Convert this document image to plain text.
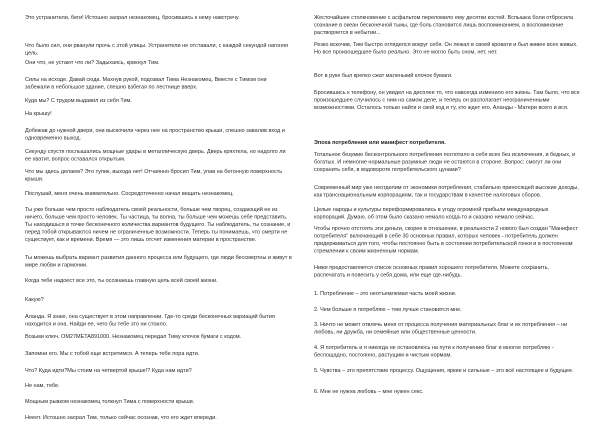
Это устранители, беги! Истошно заорал незнакомец, бросившись к нему навстречу.

Что было сил, они рванули прочь с этой улицы. Устранители не отставали, с каждой секундой нагоняя цель.

Они что, не устают что ли? Задыхаясь, крикнул Тим.

Силы на исходе. Давай сюда. Махнув рукой, подозвал Тима Незнакомец. Вместе с Тимом они забежали в небольшое здание, спешно взбегая по лестнице вверх.

Куда мы? С трудом выдавил из себя Тим.

На крышу!

Добежав до нужной двери, они выскочили через нее на пространство крыши, спешно завалив вход и одновременно выход.

Секунду спустя послышались мощные удары в металлическую дверь. Дверь кряхтела, но надолго ли ее хватит, вопрос оставался открытым.

Что мы здесь делаем? Это тупик, выхода нет! Отчаянно бросил Тим, упав на бетонную поверхность крыши.

Послушай, меня очень внимательно. Сосредоточенно начал вещать незнакомец.

Ты уже больше чем просто наблюдатель своей реальности, больше чем творец, создающий ее из ничего, больше чем просто человек. Ты частица, ты волна, ты больше чем можешь себе представить. Ты находишься в точке бесконечного количества вариантов будущего. Ты наблюдатель, ты сознание, и перед тобой открываются ничем не ограниченные возможности. Теперь ты понимаешь, что смерти не существует, как и времени. Время — это лишь отсчет изменения материи в пространстве.

Ты можешь выбрать вариант развития данного процесса или будущего, где люди бессмертны и живут в мире любви и гармонии.

Когда тебе надоест все это, ты осознаешь главную цель всей своей жизни.

Какую?

Аланда. Я знаю, она существует в этом направлении. Где-то среди бесконечных вариаций бытия находится и она. Найди ее, чего бы тебе это ни стоило.

Возьми ключ. OM27META891000. Незнакомец передал Тиму клочок бумаги с кодом.

Запомни его. Мы с тобой еще встретимся. А теперь тебе пора идти.

Что? Куда идти?Мы стоим на четвертой крыше!? Куда нам идти?

Не нам, тебе.

Мощным рывком незнакомец толкнул Тима с поверхности крыши.

Нееет. Истошно заорал Тим, только сейчас осознав, что его ждет впереди.

Жесточайшее столкновение с асфальтом переломило ему десятки костей. Вспышка боли отбросила сознание в океан бесконечной тьмы, где боль становится лишь воспоминанием, а воспоминание растворяется в небытии...

Резко вскочив, Тим быстро огляделся вокруг себя. Он лежал в своей кровати и был живее всех живых. Но все произошедшее было реально. Это не могло быть сном, нет, нет.

Вот в руке был крепко сжат маленький клочок бумаги.

Бросившись к телефону, он увидел на дисплее то, что навсегда изменило его жизнь. Там было, что все произошедшее случилось с ним на самом деле, и теперь он располагает неограниченными возможностями. Осталось только найти и свой код и ту, кто ждет его, Аланды - Матери всего и вся.

Эпоха потребления или манифест потребителя.

Тотальное безумие бесконтрольного потребления поглотило в себя всех без исключения, и бедных, и богатых. И немногие нормальные разумные люди не остаются в стороне. Вопрос: смогут ли они сохранить себя, в водовороте потребительского цунами?

Современный мир уже неотделим от экономики потребления, стабильно приносящей высокие доходы, как транснациональным корпорациям, так и государствам в качестве налоговых сборов.

Целые народы и культуры переформировались в угоду огромной прибыли международных корпораций. Думаю, об этом было сказано немало когда-то и сказано немало сейчас.

Чтобы прочно отстоять эти деньги, скорее в отношении, в реальности 2 нового был создан "Манифест потребителя" включающий в себе 30 основных правил, которых человек - потребитель должен придерживаться для того, чтобы постоянно быть в состоянии потребительской гонки и в постоянном стремлении к своим жизненным нормам.

Ниже предоставляется список основных правил хорошего потребителя. Можете сохранить, распечатать и повесить у себя дома, или еще где-нибудь.

1. Потребление – это неотъемлемая часть моей жизни.

2. Чем больше я потребляю – тем лучше становится мне.

3. Ничто не может отвлечь меня от процесса получения материальных благ и их потребления – ни любовь, ни дружба, ни семейные или общественные ценности.

4. Я потребитель и я никогда не остановлюсь на пути к получению благ и многое потребляю - беспощадно, постоянно, растущим и чистым нормам.

5. Чувства – это препятствие процессу. Ощущения, яркие и сильные – это всё настоящее и будущее.

6. Мне не нужна любовь – мне нужен секс.
